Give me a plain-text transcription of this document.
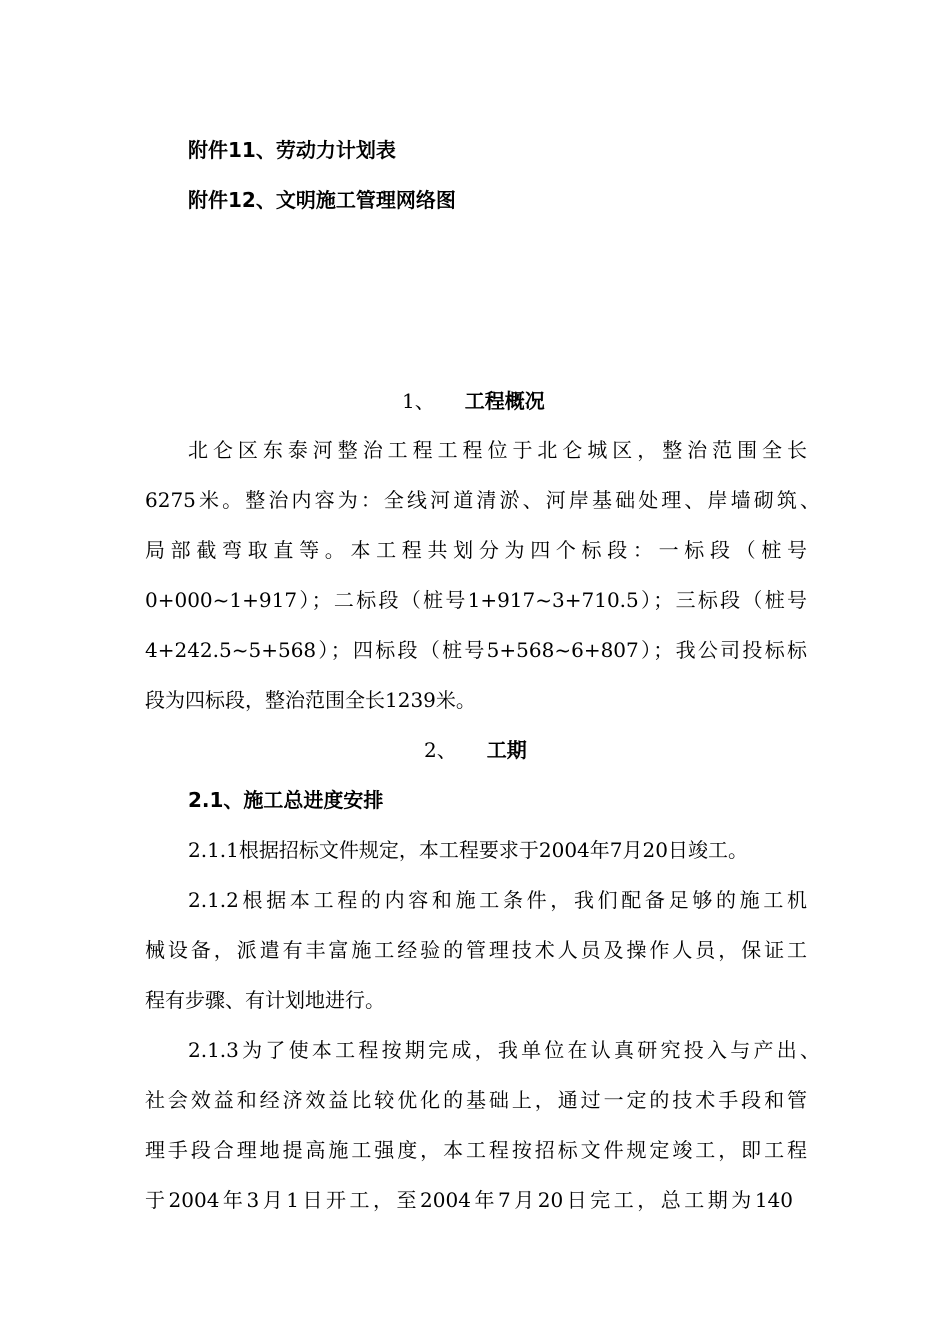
附件11、劳动力计划表
附件12、文明施工管理网络图
1、 工程概况
北仑区东泰河整治工程工程位于北仑城区，整治范围全长
6275米。整治内容为：全线河道清淤、河岸基础处理、岸墙砌筑、
局部截弯取直等。本工程共划分为四个标段：一标段（桩号
0+000~1+917）；二标段（桩号1+917~3+710.5）；三标段（桩号
4+242.5~5+568）；四标段（桩号5+568~6+807）；我公司投标标
段为四标段，整治范围全长1239米。
2、 工期
2.1、施工总进度安排
2.1.1根据招标文件规定，本工程要求于2004年7月20日竣工。
2.1.2根据本工程的内容和施工条件，我们配备足够的施工机
械设备，派遣有丰富施工经验的管理技术人员及操作人员，保证工
程有步骤、有计划地进行。
2.1.3为了使本工程按期完成，我单位在认真研究投入与产出、
社会效益和经济效益比较优化的基础上，通过一定的技术手段和管
理手段合理地提高施工强度，本工程按招标文件规定竣工，即工程
于2004年3月1日开工，至2004年7月20日完工，总工期为140
